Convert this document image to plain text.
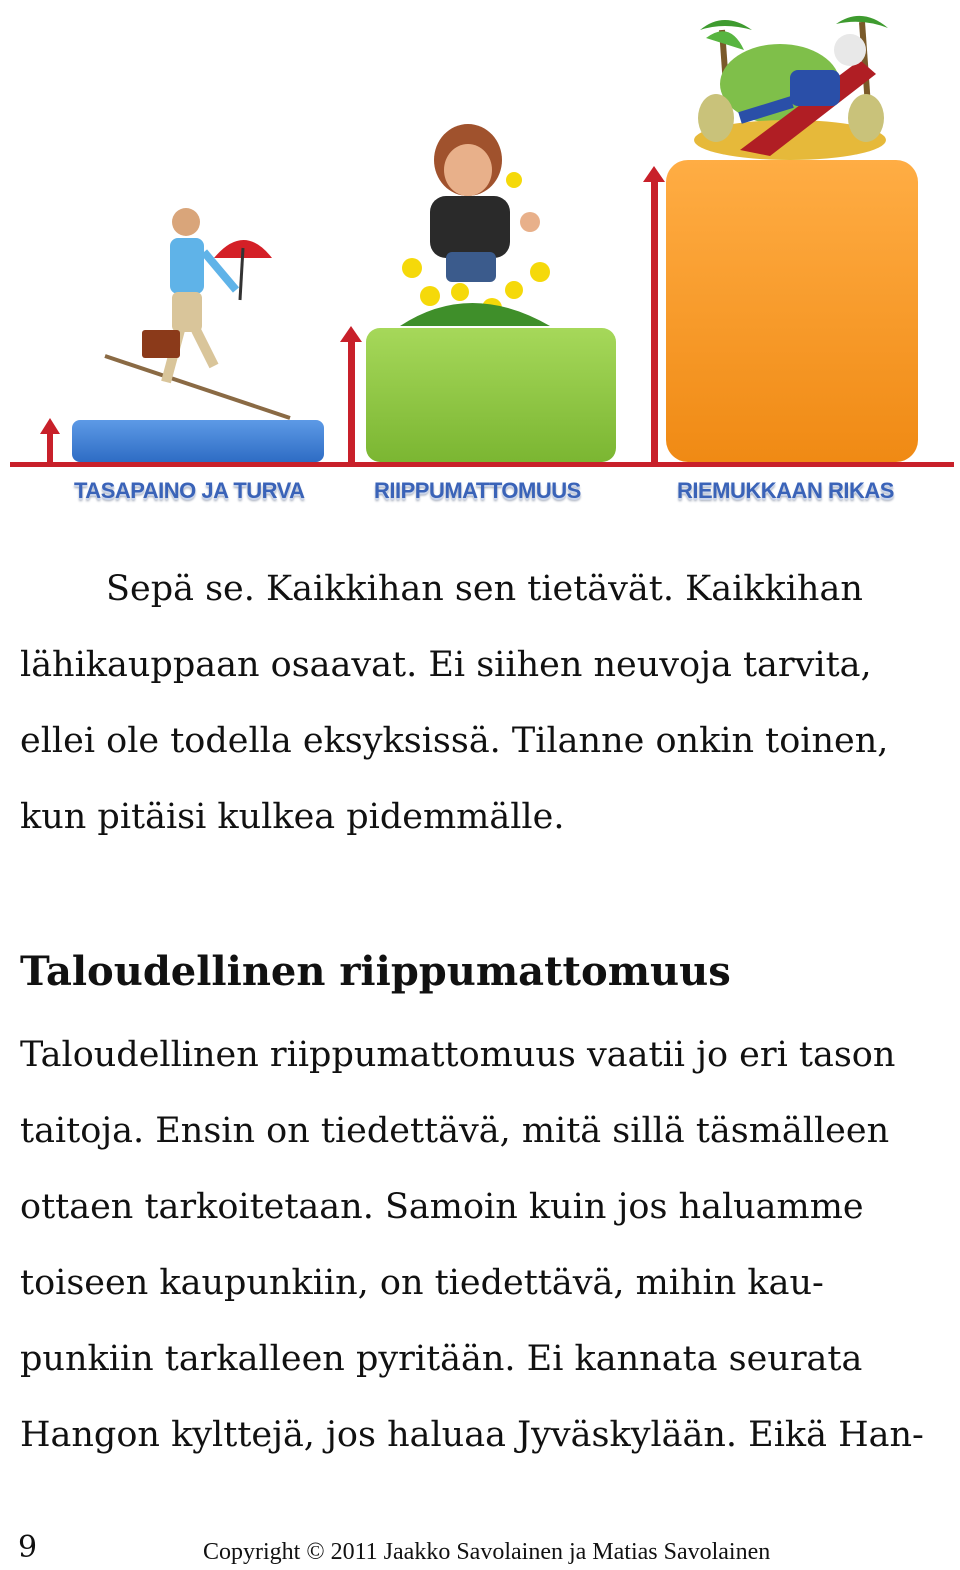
TASAPAINO JA TURVA	RIIPPUMATTOMUUS	RIEMUKKAAN RIKAS

Sepä se. Kaikkihan sen tietävät. Kaikkihan
lähikauppaan osaavat. Ei siihen neuvoja tarvita,
ellei ole todella eksyksissä. Tilanne onkin toinen,
kun pitäisi kulkea pidemmälle.

Taloudellinen riippumattomuus

Taloudellinen riippumattomuus vaatii jo eri tason
taitoja. Ensin on tiedettävä, mitä sillä täsmälleen
ottaen tarkoitetaan. Samoin kuin jos haluamme
toiseen kaupunkiin, on tiedettävä, mihin kau-
punkiin tarkalleen pyritään. Ei kannata seurata
Hangon kylttejä, jos haluaa Jyväskylään. Eikä Han-

9	Copyright © 2011 Jaakko Savolainen ja Matias Savolainen
